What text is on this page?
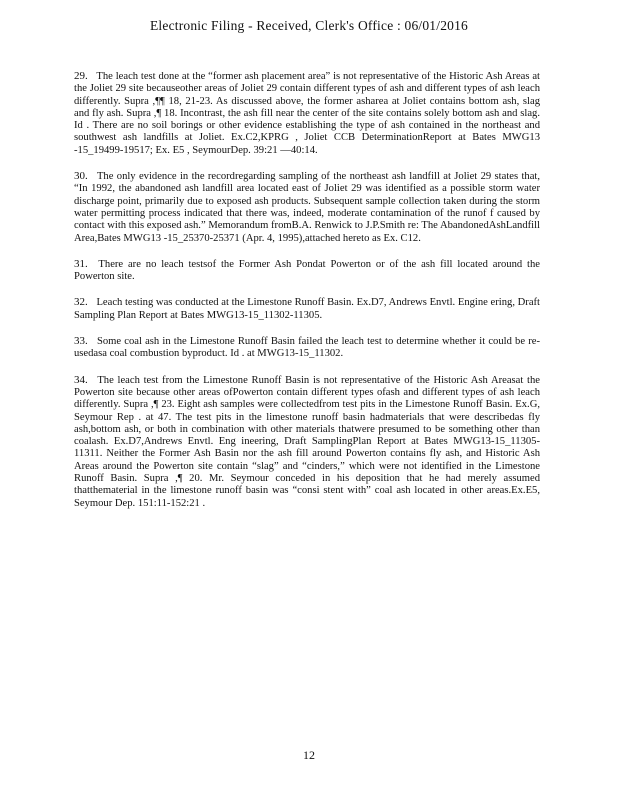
Electronic Filing - Received, Clerk's Office : 06/01/2016

29. The leach test done at the “former ash placement area” is not representative of the Historic Ash Areas at the Joliet 29 site becauseother areas of Joliet 29 contain different types of ash and different types of ash leach differently. Supra ,¶¶ 18, 21-23. As discussed above, the former asharea at Joliet contains bottom ash, slag and fly ash. Supra ,¶ 18. Incontrast, the ash fill near the center of the site contains solely bottom ash and slag. Id . There are no soil borings or other evidence establishing the type of ash contained in the northeast and southwest ash landfills at Joliet. Ex.C2,KPRG , Joliet CCB DeterminationReport at Bates MWG13 -15_19499-19517; Ex. E5 , SeymourDep. 39:21 —40:14.

30. The only evidence in the recordregarding sampling of the northeast ash landfill at Joliet 29 states that, “In 1992, the abandoned ash landfill area located east of Joliet 29 was identified as a possible storm water discharge point, primarily due to exposed ash products. Subsequent sample collection taken during the storm water permitting process indicated that there was, indeed, moderate contamination of the runof f caused by contact with this exposed ash.” Memorandum fromB.A. Renwick to J.P.Smith re: The AbandonedAshLandfill Area,Bates MWG13 -15_25370-25371 (Apr. 4, 1995),attached hereto as Ex. C12.

31. There are no leach testsof the Former Ash Pondat Powerton or of the ash fill located around the Powerton site.

32. Leach testing was conducted at the Limestone Runoff Basin. Ex.D7, Andrews Envtl. Engine ering, Draft Sampling Plan Report at Bates MWG13-15_11302-11305.

33. Some coal ash in the Limestone Runoff Basin failed the leach test to determine whether it could be re-usedasa coal combustion byproduct. Id . at MWG13-15_11302.

34. The leach test from the Limestone Runoff Basin is not representative of the Historic Ash Areasat the Powerton site because other areas ofPowerton contain different types ofash and different types of ash leach differently. Supra ,¶ 23. Eight ash samples were collectedfrom test pits in the Limestone Runoff Basin. Ex.G, Seymour Rep . at 47. The test pits in the limestone runoff basin hadmaterials that were describedas fly ash,bottom ash, or both in combination with other materials thatwere presumed to be something other than coalash. Ex.D7,Andrews Envtl. Eng ineering, Draft SamplingPlan Report at Bates MWG13-15_11305-11311. Neither the Former Ash Basin nor the ash fill around Powerton contains fly ash, and Historic Ash Areas around the Powerton site contain “slag” and “cinders,” which were not identified in the Limestone Runoff Basin. Supra ,¶ 20. Mr. Seymour conceded in his deposition that he had merely assumed thatthematerial in the limestone runoff basin was “consi stent with” coal ash located in other areas.Ex.E5, Seymour Dep. 151:11-152:21 .

12
